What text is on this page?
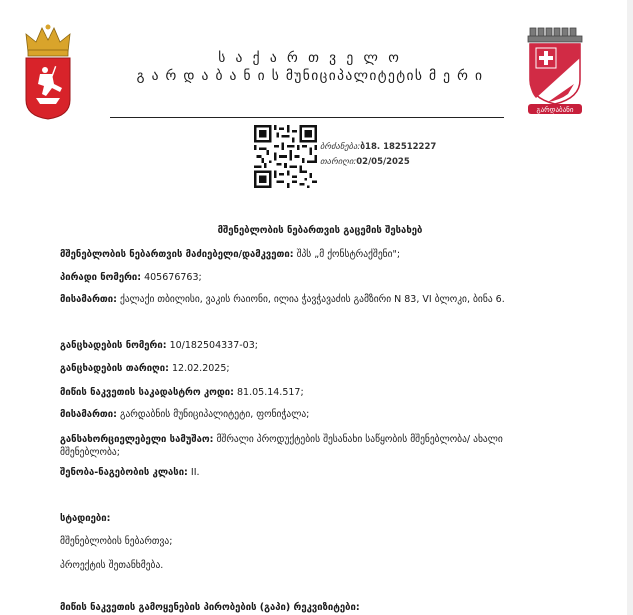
ს ა ქ ა რ თ ვ ე ლ ო
გ ა რ დ ა ბ ა ნ ი ს მუნიციპალიტეტის მ ე რ ი
გარდაბანი
ბრძანება:ბ18. 182512227
თარიღი:02/05/2025
მშენებლობის ნებართვის გაცემის შესახებ
მშენებლობის ნებართვის მაძიებელი/დამკვეთი: შპს „მ ქონსტრაქშენი";
პირადი ნომერი: 405676763;
მისამართი: ქალაქი თბილისი, ვაკის რაიონი, ილია ჭავჭავაძის გამზირი N 83, VI ბლოკი, ბინა 6.
განცხადების ნომერი: 10/182504337-03;
განცხადების თარიღი: 12.02.2025;
მიწის ნაკვეთის საკადასტრო კოდი: 81.05.14.517;
მისამართი: გარდაბნის მუნიციპალიტეტი, ფონიჭალა;
განსახორციელებელი სამუშაო: მშრალი პროდუქტების შესანახი საწყობის მშენებლობა/ ახალი მშენებლობა;
შენობა-ნაგებობის კლასი: II.
სტადიები:
მშენებლობის ნებართვა;
პროექტის შეთანხმება.
მიწის ნაკვეთის გამოყენების პირობების (გაპი) რეკვიზიტები:
